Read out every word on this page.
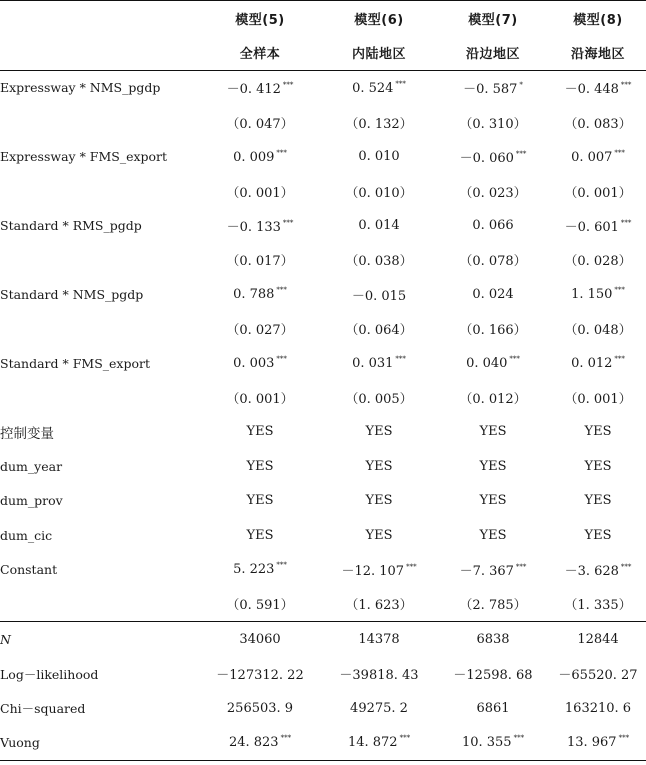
	模型(5)	模型(6)	模型(7)	模型(8)
	全样本	内陆地区	沿边地区	沿海地区
Expressway * NMS_pgdp	－0. 412 ***	0. 524 ***	－0. 587 *	－0. 448 ***
	（0. 047）	（0. 132）	（0. 310）	（0. 083）
Expressway * FMS_export	0. 009 ***	0. 010	－0. 060 ***	0. 007 ***
	（0. 001）	（0. 010）	（0. 023）	（0. 001）
Standard * RMS_pgdp	－0. 133 ***	0. 014	0. 066	－0. 601 ***
	（0. 017）	（0. 038）	（0. 078）	（0. 028）
Standard * NMS_pgdp	0. 788 ***	－0. 015	0. 024	1. 150 ***
	（0. 027）	（0. 064）	（0. 166）	（0. 048）
Standard * FMS_export	0. 003 ***	0. 031 ***	0. 040 ***	0. 012 ***
	（0. 001）	（0. 005）	（0. 012）	（0. 001）
控制变量	YES	YES	YES	YES
dum_year	YES	YES	YES	YES
dum_prov	YES	YES	YES	YES
dum_cic	YES	YES	YES	YES
Constant	5. 223 ***	－12. 107 ***	－7. 367 ***	－3. 628 ***
	（0. 591）	（1. 623）	（2. 785）	（1. 335）
N	34060	14378	6838	12844
Log－likelihood	－127312. 22	－39818. 43	－12598. 68	－65520. 27
Chi－squared	256503. 9	49275. 2	6861	163210. 6
Vuong	24. 823 ***	14. 872 ***	10. 355 ***	13. 967 ***
